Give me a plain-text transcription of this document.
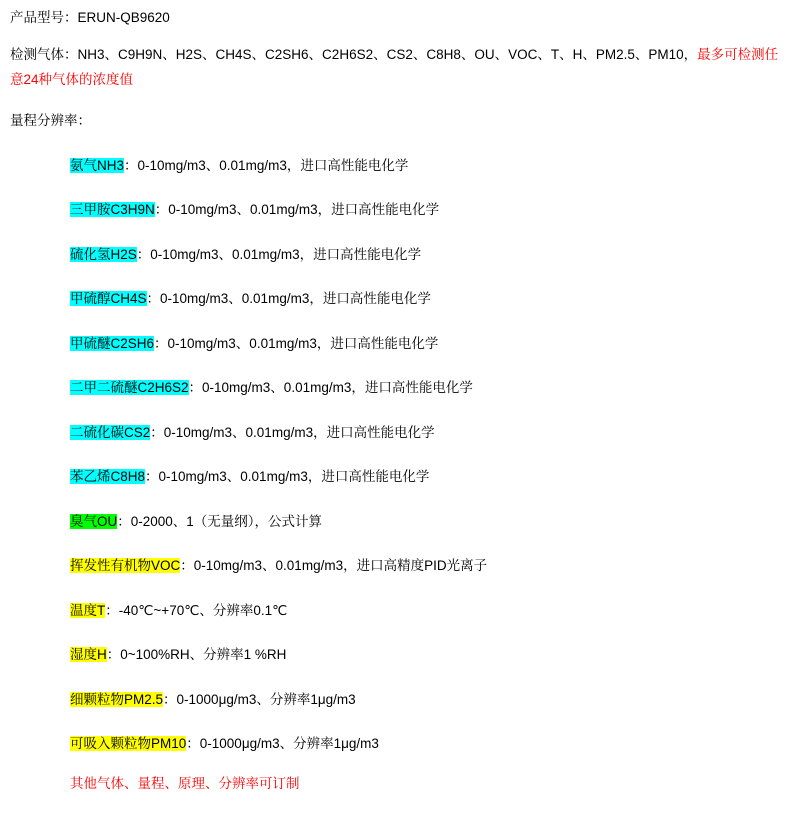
产品型号：ERUN-QB9620
检测气体：NH3、C9H9N、H2S、CH4S、C2SH6、C2H6S2、CS2、C8H8、OU、VOC、T、H、PM2.5、PM10，最多可检测任意24种气体的浓度值
量程分辨率：
氨气NH3：0-10mg/m3、0.01mg/m3，进口高性能电化学
三甲胺C3H9N：0-10mg/m3、0.01mg/m3，进口高性能电化学
硫化氢H2S：0-10mg/m3、0.01mg/m3，进口高性能电化学
甲硫醇CH4S：0-10mg/m3、0.01mg/m3，进口高性能电化学
甲硫醚C2SH6：0-10mg/m3、0.01mg/m3，进口高性能电化学
二甲二硫醚C2H6S2：0-10mg/m3、0.01mg/m3，进口高性能电化学
二硫化碳CS2：0-10mg/m3、0.01mg/m3，进口高性能电化学
苯乙烯C8H8：0-10mg/m3、0.01mg/m3，进口高性能电化学
臭气OU：0-2000、1（无量纲），公式计算
挥发性有机物VOC：0-10mg/m3、0.01mg/m3，进口高精度PID光离子
温度T：-40℃~+70℃、分辨率0.1℃
湿度H：0~100%RH、分辨率1 %RH
细颗粒物PM2.5：0-1000μg/m3、分辨率1μg/m3
可吸入颗粒物PM10：0-1000μg/m3、分辨率1μg/m3
其他气体、量程、原理、分辨率可订制
